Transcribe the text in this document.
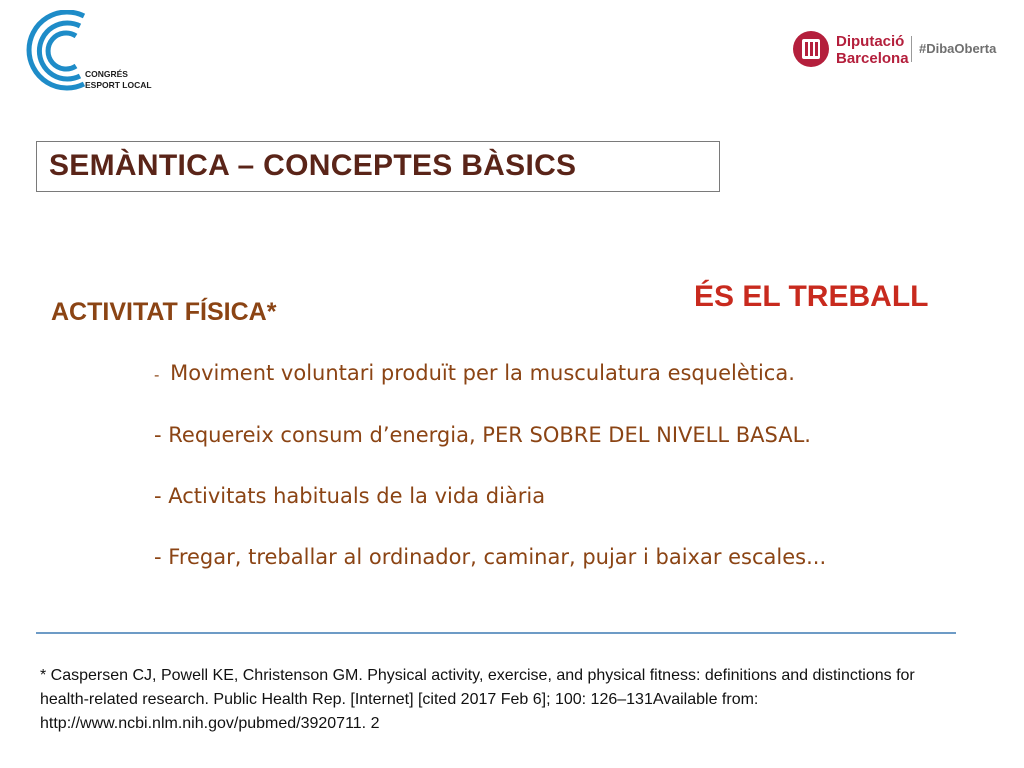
CONGRÉS
ESPORT LOCAL
Diputació
Barcelona
#DibaOberta
SEMÀNTICA – CONCEPTES BÀSICS
ÉS EL TREBALL
ACTIVITAT FÍSICA*
- Moviment voluntari produït per la musculatura esquelètica.
- Requereix consum d’energia, PER SOBRE DEL NIVELL BASAL.
- Activitats habituals de la vida diària
- Fregar, treballar al ordinador, caminar, pujar i baixar escales...
* Caspersen CJ, Powell KE, Christenson GM. Physical activity, exercise, and physical fitness: definitions and distinctions for health-related research. Public Health Rep. [Internet] [cited 2017 Feb 6]; 100: 126–131Available from: http://www.ncbi.nlm.nih.gov/pubmed/3920711. 2
